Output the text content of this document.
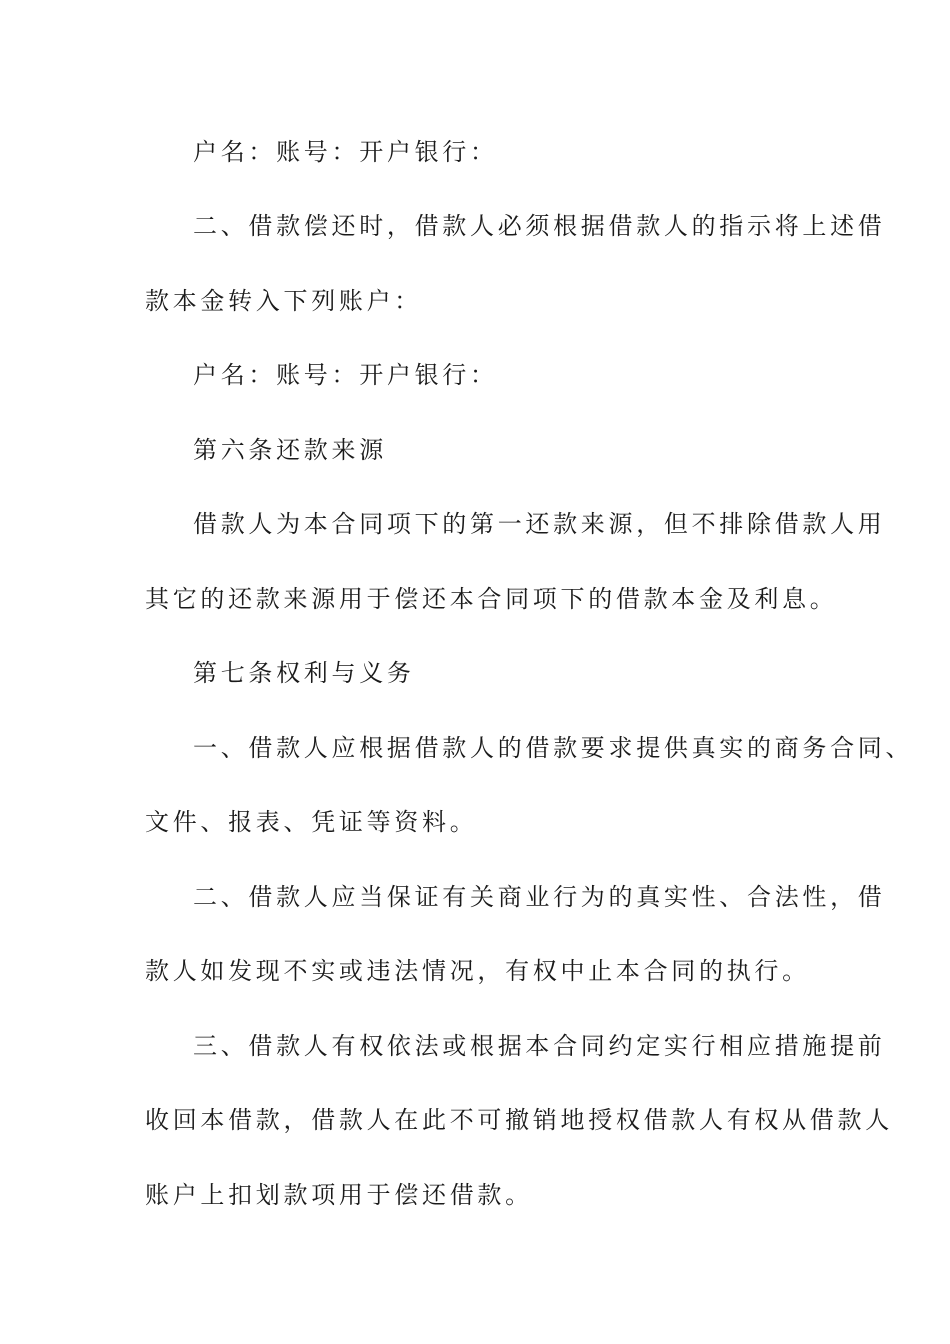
户名：账号：开户银行：
二、借款偿还时，借款人必须根据借款人的指示将上述借
款本金转入下列账户：
户名：账号：开户银行：
第六条还款来源
借款人为本合同项下的第一还款来源，但不排除借款人用
其它的还款来源用于偿还本合同项下的借款本金及利息。
第七条权利与义务
一、借款人应根据借款人的借款要求提供真实的商务合同、
文件、报表、凭证等资料。
二、借款人应当保证有关商业行为的真实性、合法性，借
款人如发现不实或违法情况，有权中止本合同的执行。
三、借款人有权依法或根据本合同约定实行相应措施提前
收回本借款，借款人在此不可撤销地授权借款人有权从借款人
账户上扣划款项用于偿还借款。
